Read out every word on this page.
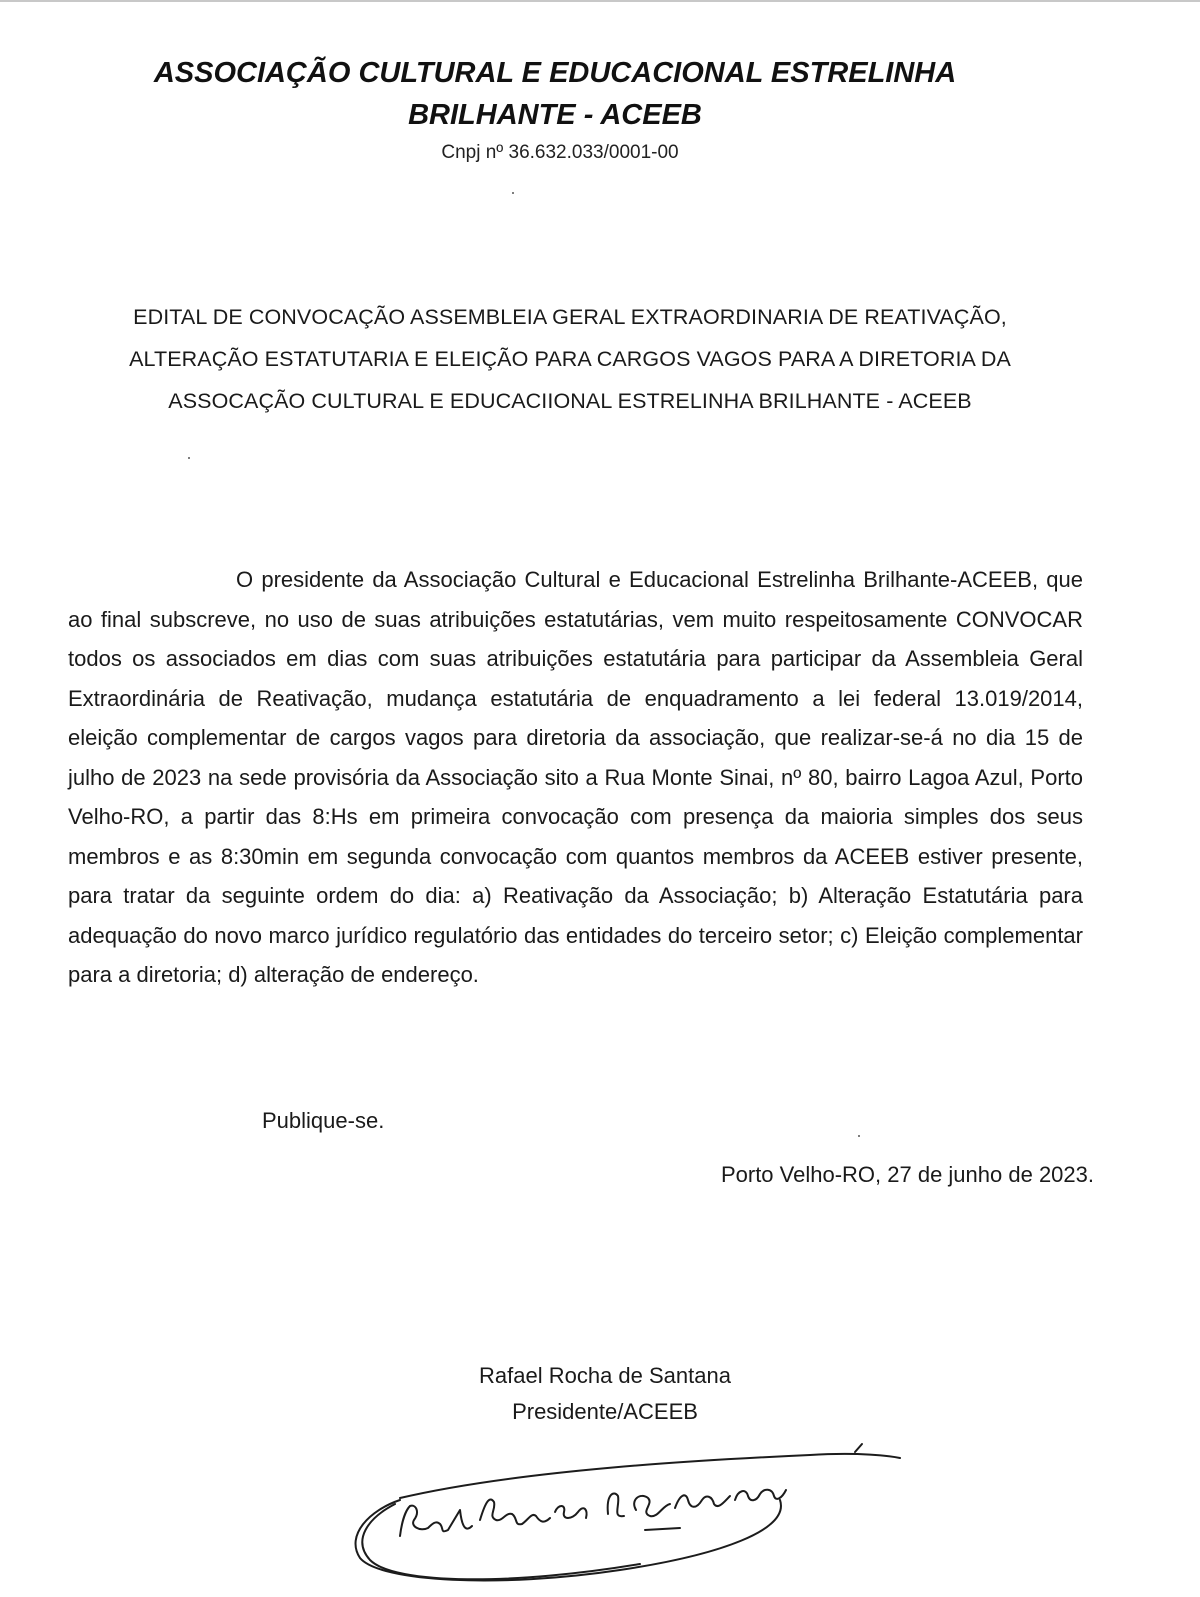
ASSOCIAÇÃO CULTURAL E EDUCACIONAL ESTRELINHA BRILHANTE - ACEEB
Cnpj nº 36.632.033/0001-00
EDITAL DE CONVOCAÇÃO ASSEMBLEIA GERAL EXTRAORDINARIA DE REATIVAÇÃO, ALTERAÇÃO ESTATUTARIA E ELEIÇÃO PARA CARGOS VAGOS PARA A DIRETORIA DA ASSOCAÇÃO CULTURAL E EDUCACIIONAL ESTRELINHA BRILHANTE - ACEEB
O presidente da Associação Cultural e Educacional Estrelinha Brilhante-ACEEB, que ao final subscreve, no uso de suas atribuições estatutárias, vem muito respeitosamente CONVOCAR todos os associados em dias com suas atribuições estatutária para participar da Assembleia Geral Extraordinária de Reativação, mudança estatutária de enquadramento a lei federal 13.019/2014, eleição complementar de cargos vagos para diretoria da associação, que realizar-se-á no dia 15 de julho de 2023 na sede provisória da Associação sito a Rua Monte Sinai, nº 80, bairro Lagoa Azul, Porto Velho-RO, a partir das 8:Hs em primeira convocação com presença da maioria simples dos seus membros e as 8:30min em segunda convocação com quantos membros da ACEEB estiver presente, para tratar da seguinte ordem do dia: a) Reativação da Associação; b) Alteração Estatutária para adequação do novo marco jurídico regulatório das entidades do terceiro setor; c) Eleição complementar para a diretoria; d) alteração de endereço.
Publique-se.
Porto Velho-RO, 27 de junho de 2023.
Rafael Rocha de Santana
Presidente/ACEEB
